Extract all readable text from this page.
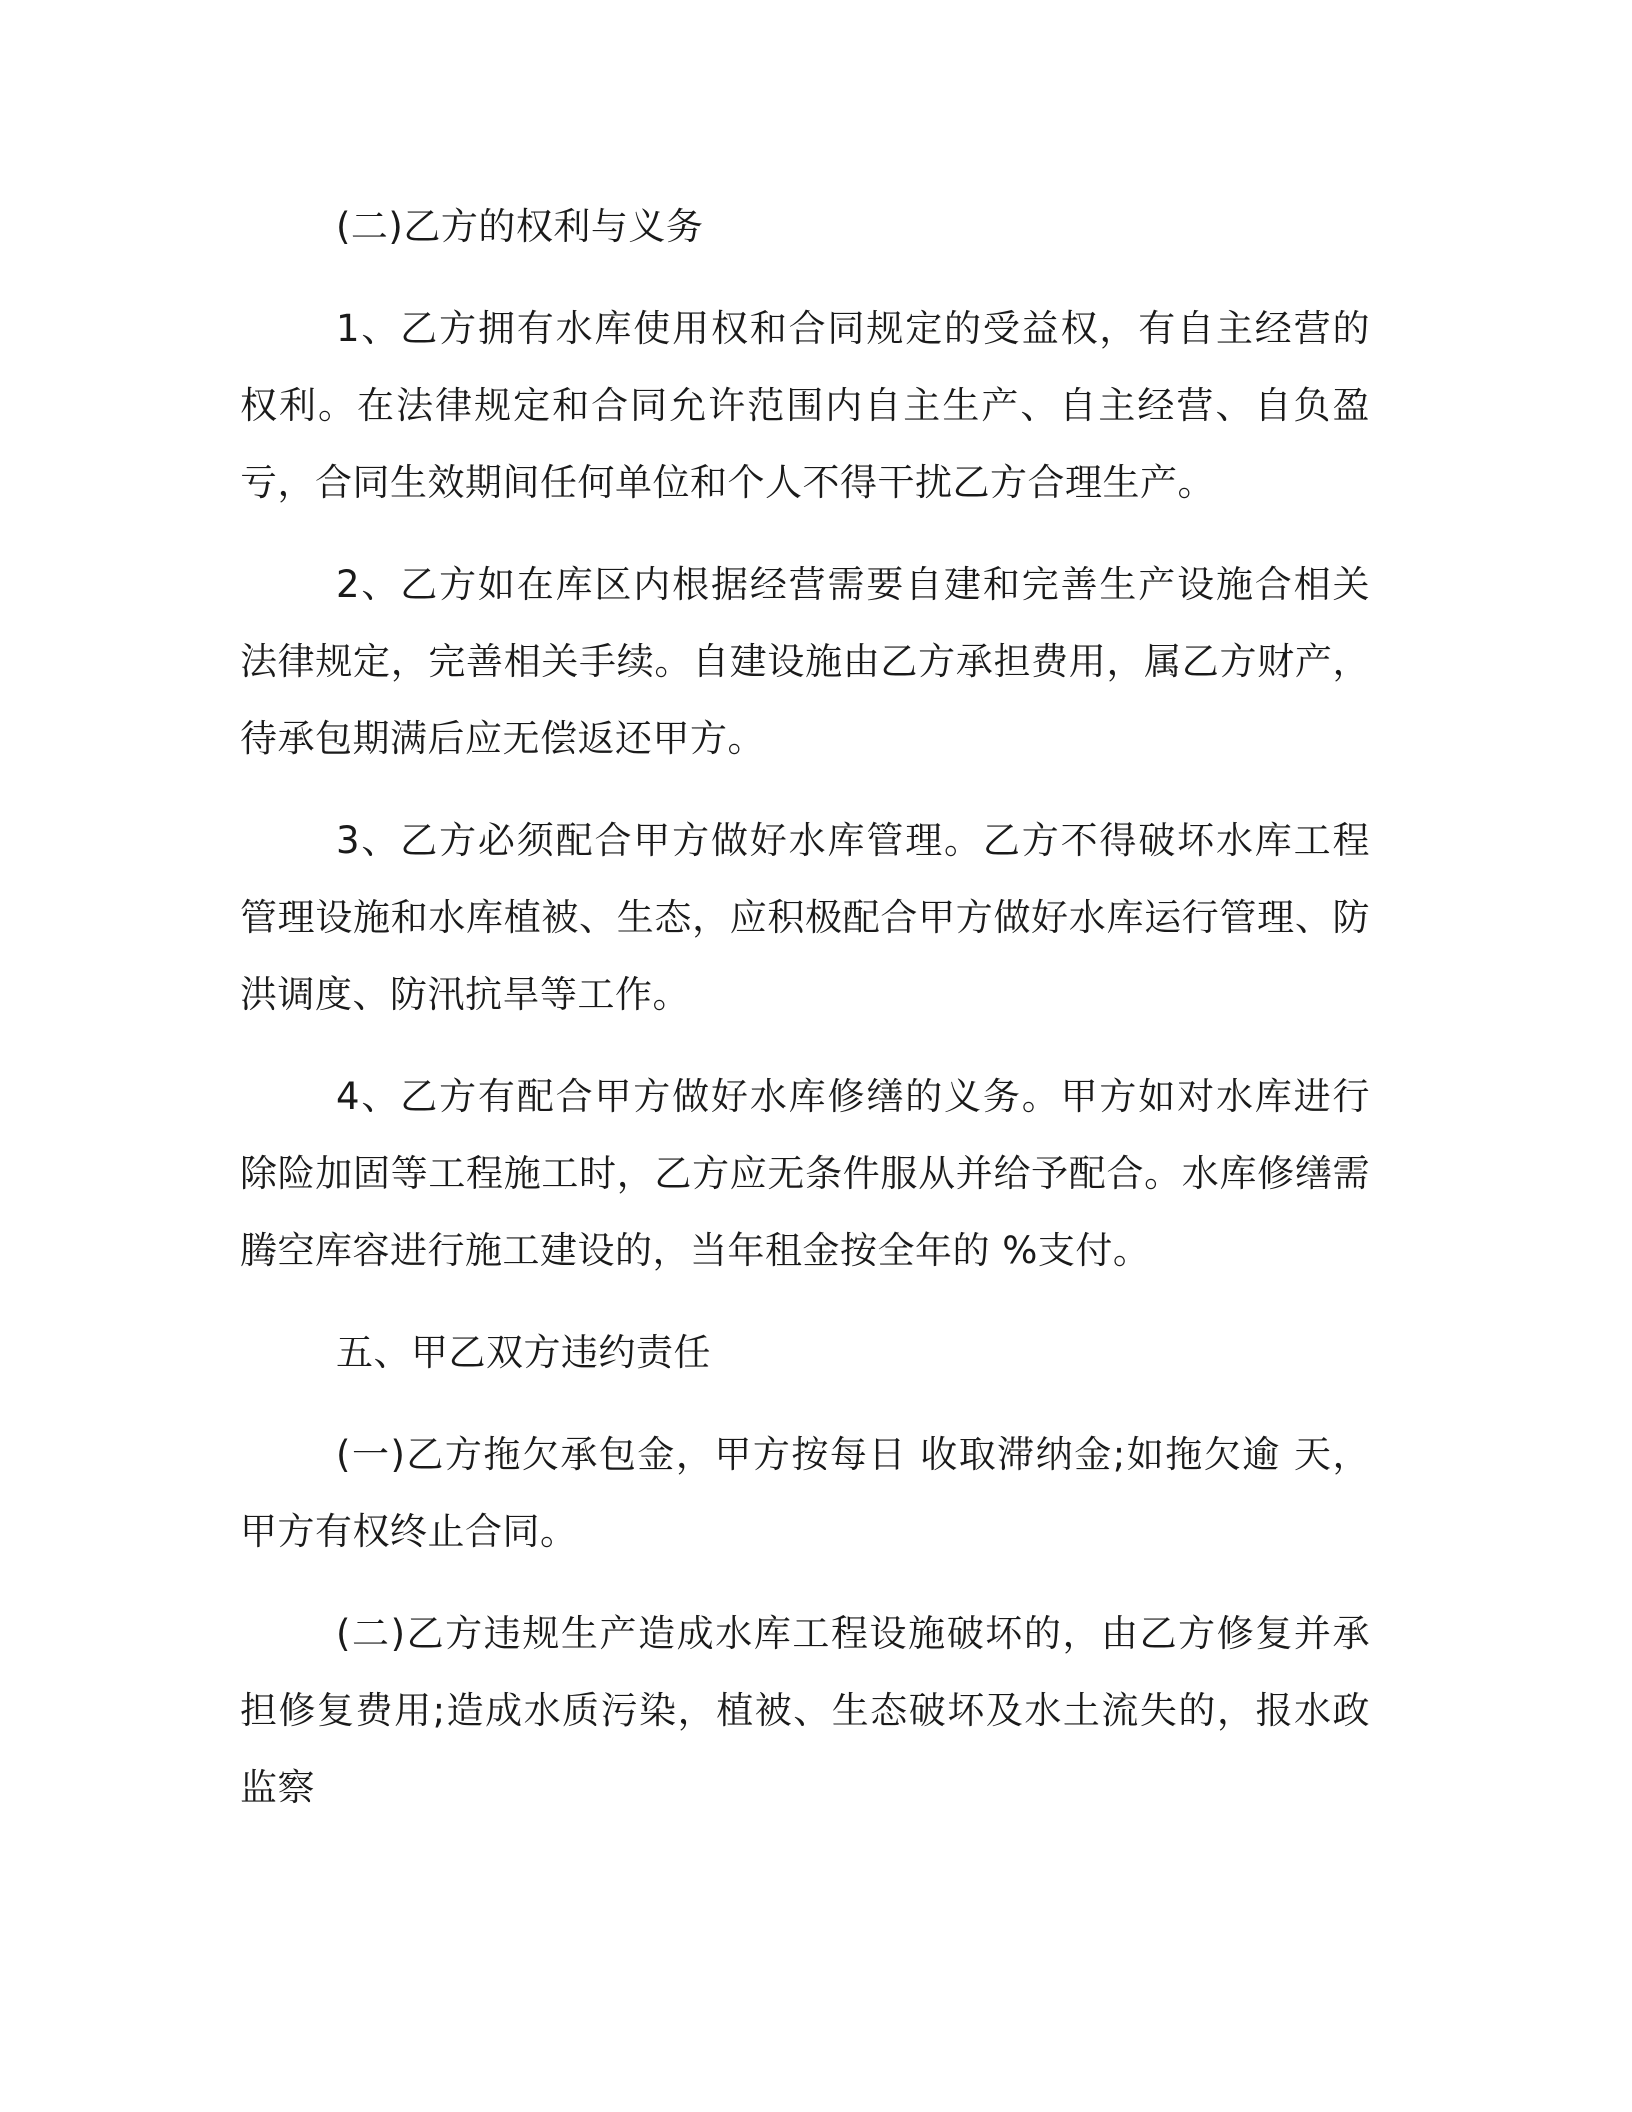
(二)乙方的权利与义务

1、乙方拥有水库使用权和合同规定的受益权，有自主经营的权利。在法律规定和合同允许范围内自主生产、自主经营、自负盈亏，合同生效期间任何单位和个人不得干扰乙方合理生产。

2、乙方如在库区内根据经营需要自建和完善生产设施合相关法律规定，完善相关手续。自建设施由乙方承担费用，属乙方财产，待承包期满后应无偿返还甲方。

3、乙方必须配合甲方做好水库管理。乙方不得破坏水库工程管理设施和水库植被、生态，应积极配合甲方做好水库运行管理、防洪调度、防汛抗旱等工作。

4、乙方有配合甲方做好水库修缮的义务。甲方如对水库进行除险加固等工程施工时，乙方应无条件服从并给予配合。水库修缮需腾空库容进行施工建设的，当年租金按全年的 %支付。

五、甲乙双方违约责任

(一)乙方拖欠承包金，甲方按每日 收取滞纳金;如拖欠逾 天，甲方有权终止合同。

(二)乙方违规生产造成水库工程设施破坏的，由乙方修复并承担修复费用;造成水质污染，植被、生态破坏及水土流失的，报水政监察
